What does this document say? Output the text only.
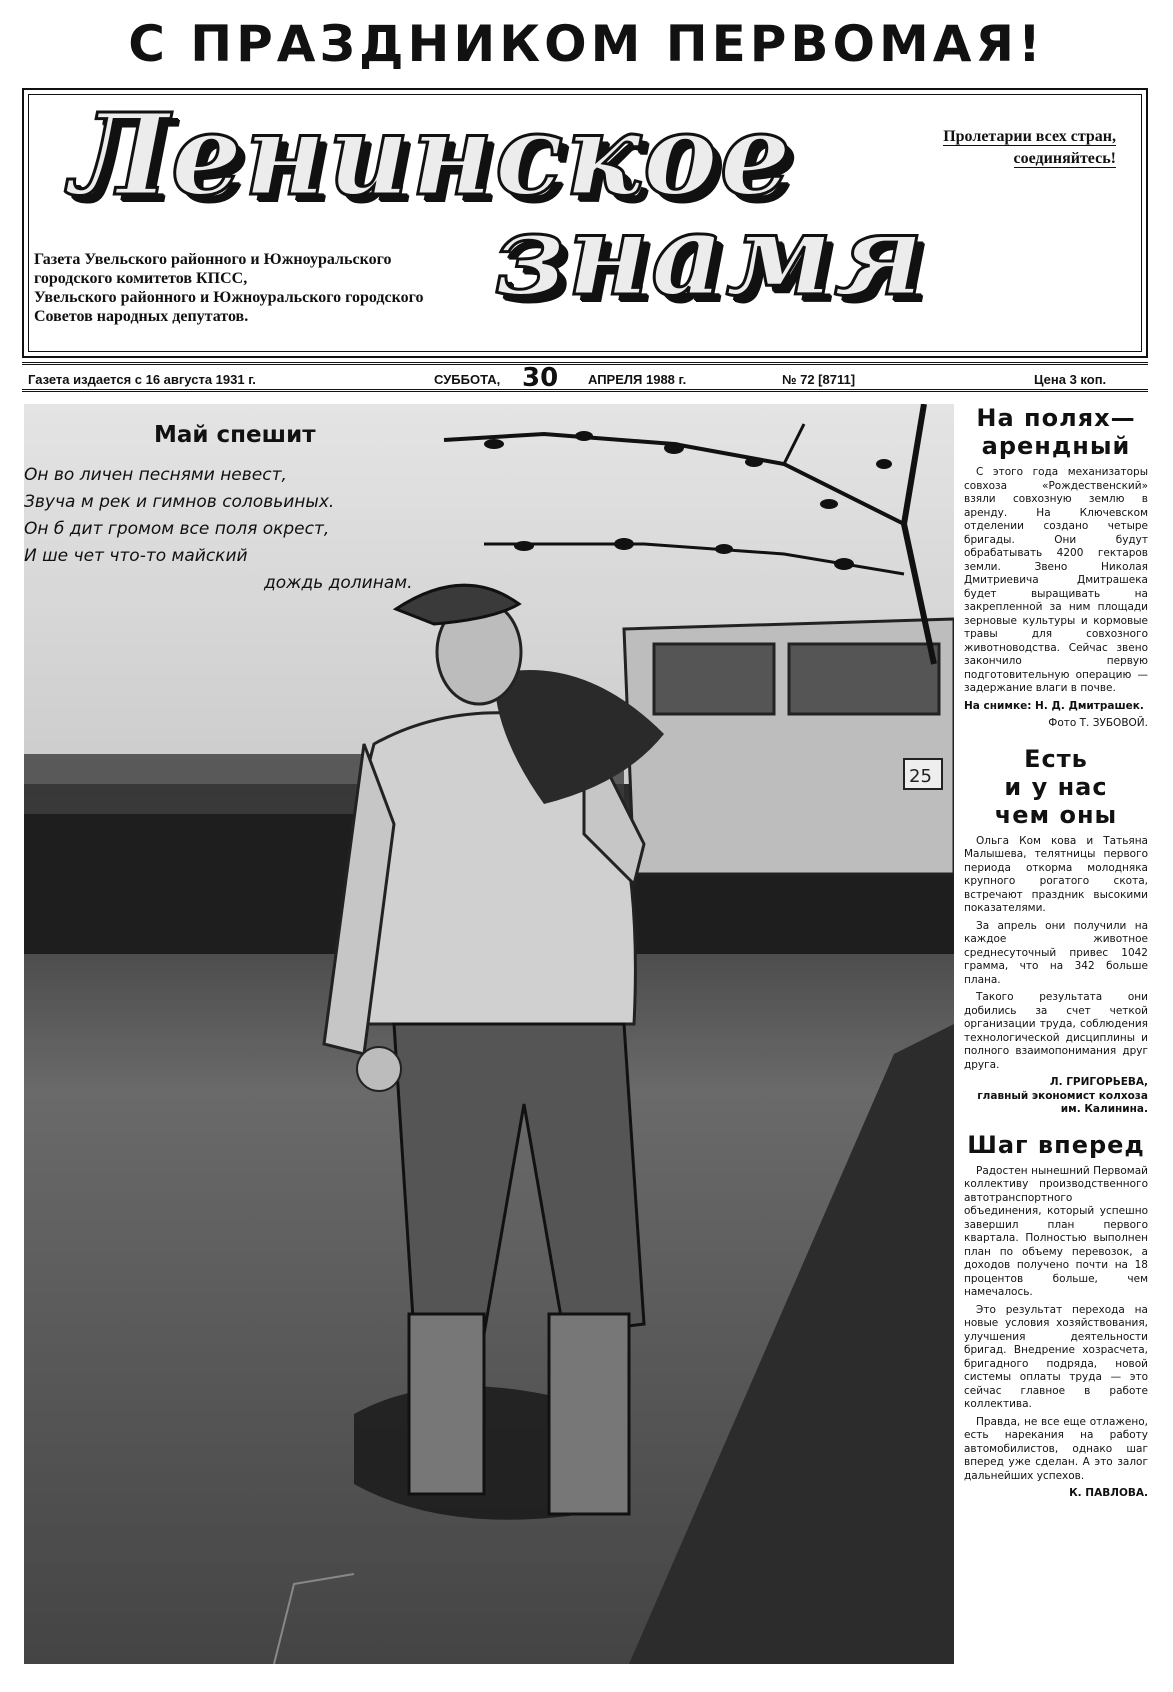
С ПРАЗДНИКОМ ПЕРВОМАЯ!
Ленинское
знамя
Пролетарии всех стран,
соединяйтесь!
Газета Увельского районного и Южноуральского
городского комитетов КПСС,
Увельского районного и Южноуральского городского
Советов народных депутатов.
Газета издается с 16 августа 1931 г.	СУББОТА, 30 АПРЕЛЯ 1988 г.	№ 72 [8711]	Цена 3 коп.
25
Май спешит
Он во личен песнями невест,
Звуча м рек и гимнов соловьиных.
Он б дит громом все поля окрест,
И ше чет что-то майский
дождь долинам.
На полях—
арендный

С этого года механизаторы совхоза «Рождественский» взяли совхозную землю в аренду. На Ключевском отделении создано четыре бригады. Они будут обрабатывать 4200 гектаров земли. Звено Николая Дмитриевича Дмитрашека будет выращивать на закрепленной за ним площади зерновые культуры и кормовые травы для совхозного животноводства. Сейчас звено закончило первую подготовительную операцию — задержание влаги в почве.

На снимке: Н. Д. Дмитрашек.

Фото Т. ЗУБОВОЙ.

Есть
и у нас
чем оны

Ольга Ком кова и Татьяна Малышева, телятницы первого периода откорма молодняка крупного рогатого скота, встречают праздник высокими показателями.

За апрель они получили на каждое животное среднесуточный привес 1042 грамма, что на 342 больше плана.

Такого результата они добились за счет четкой организации труда, соблюдения технологической дисциплины и полного взаимопонимания друг друга.

Л. ГРИГОРЬЕВА,
главный экономист колхоза им. Калинина.

Шаг вперед

Радостен нынешний Первомай коллективу производственного автотранспортного объединения, который успешно завершил план первого квартала. Полностью выполнен план по объему перевозок, а доходов получено почти на 18 процентов больше, чем намечалось.

Это результат перехода на новые условия хозяйствования, улучшения деятельности бригад. Внедрение хозрасчета, бригадного подряда, новой системы оплаты труда — это сейчас главное в работе коллектива.

Правда, не все еще отлажено, есть нарекания на работу автомобилистов, однако шаг вперед уже сделан. А это залог дальнейших успехов.

К. ПАВЛОВА.
